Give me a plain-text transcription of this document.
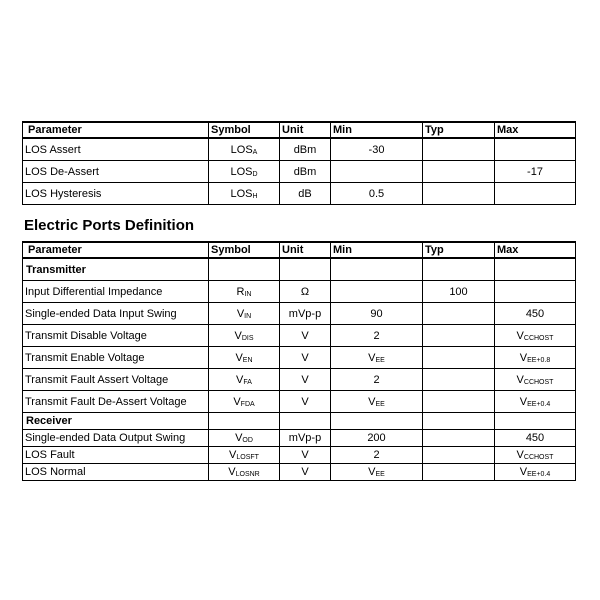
Parameter	Symbol	Unit	Min	Typ	Max
LOS Assert	$LOS_A$	dBm	-30		
LOS De-Assert	$LOS_D$	dBm			-17
LOS Hysteresis	$LOS_H$	dB	0.5		
Electric Ports Definition
Parameter	Symbol	Unit	Min	Typ	Max
Transmitter					
Input Differential Impedance	$R_{IN}$	Ω		100	
Single-ended Data Input Swing	$V_{IN}$	mVp-p	90		450
Transmit Disable Voltage	$V_{DIS}$	V	2		$V_{CCHOST}$
Transmit Enable Voltage	$V_{EN}$	V	$V_{EE}$		$V_{EE+0.8}$
Transmit Fault Assert Voltage	$V_{FA}$	V	2		$V_{CCHOST}$
Transmit Fault De-Assert Voltage	$V_{FDA}$	V	$V_{EE}$		$V_{EE+0.4}$
Receiver					
Single-ended Data Output Swing	$V_{OD}$	mVp-p	200		450
LOS Fault	$V_{LOSFT}$	V	2		$V_{CCHOST}$
LOS Normal	$V_{LOSNR}$	V	$V_{EE}$		$V_{EE+0.4}$
